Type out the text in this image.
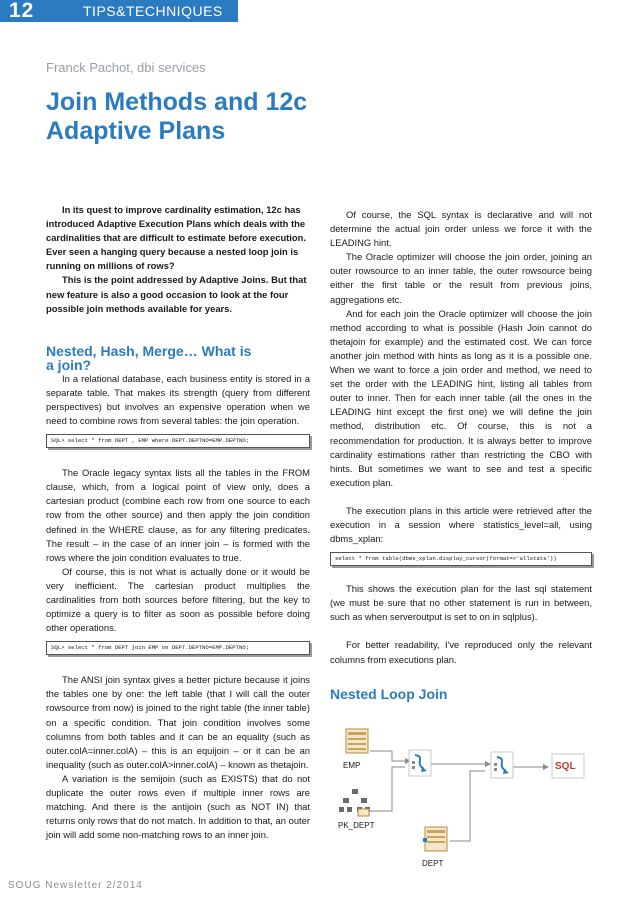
12	TIPS&TECHNIQUES
Franck Pachot, dbi services
Join Methods and 12c
Adaptive Plans

In its quest to improve cardinality estimation, 12c has introduced Adaptive Execution Plans which deals with the cardinalities that are difficult to estimate before execution. Ever seen a hanging query because a nested loop join is running on millions of rows?

This is the point addressed by Adaptive Joins. But that new feature is also a good occasion to look at the four possible join methods available for years.

Nested, Hash, Merge… What is
a join?

In a relational database, each business entity is stored in a separate table. That makes its strength (query from different perspectives) but involves an expensive operation when we need to combine rows from several tables: the join operation.

SQL> select * from DEPT , EMP where DEPT.DEPTNO=EMP.DEPTNO;

The Oracle legacy syntax lists all the tables in the FROM clause, which, from a logical point of view only, does a cartesian product (combine each row from one source to each row from the other source) and then apply the join condition defined in the WHERE clause, as for any filtering predicates. The result – in the case of an inner join – is formed with the rows where the join condition evaluates to true.

Of course, this is not what is actually done or it would be very inefficient. The cartesian product multiplies the cardinalities from both sources before filtering, but the key to optimize a query is to filter as soon as possible before doing other operations.

SQL> select * from DEPT join EMP on DEPT.DEPTNO=EMP.DEPTNO;

The ANSI join syntax gives a better picture because it joins the tables one by one: the left table (that I will call the outer rowsource from now) is joined to the right table (the inner table) on a specific condition. That join condition involves some columns from both tables and it can be an equality (such as outer.colA=inner.colA) – this is an equijoin – or it can be an inequality (such as outer.colA>inner.colA) – known as thetajoin.

A variation is the semijoin (such as EXISTS) that do not duplicate the outer rows even if multiple inner rows are matching. And there is the antijoin (such as NOT IN) that returns only rows that do not match. In addition to that, an outer join will add some non-matching rows to an inner join.

Of course, the SQL syntax is declarative and will not determine the actual join order unless we force it with the LEADING hint.

The Oracle optimizer will choose the join order, joining an outer rowsource to an inner table, the outer rowsource being either the first table or the result from previous joins, aggregations etc.

And for each join the Oracle optimizer will choose the join method according to what is possible (Hash Join cannot do thetajoin for example) and the estimated cost. We can force another join method with hints as long as it is a possible one. When we want to force a join order and method, we need to set the order with the LEADING hint, listing all tables from outer to inner. Then for each inner table (all the ones in the LEADING hint except the first one) we will define the join method, distribution etc. Of course, this is not a recommendation for production. It is always better to improve cardinality estimations rather than restricting the CBO with hints. But sometimes we want to see and test a specific execution plan.

The execution plans in this article were retrieved after the execution in a session where statistics_level=all, using dbms_xplan:

select * from table(dbms_xplan.display_cursor(format=>'allstats'))

This shows the execution plan for the last sql statement (we must be sure that no other statement is run in between, such as when serveroutput is set to on in sqlplus).

For better readability, I've reproduced only the relevant columns from executions plan.

Nested Loop Join
EMP
PK_DEPT
DEPT
SQL
SOUG Newsletter 2/2014
